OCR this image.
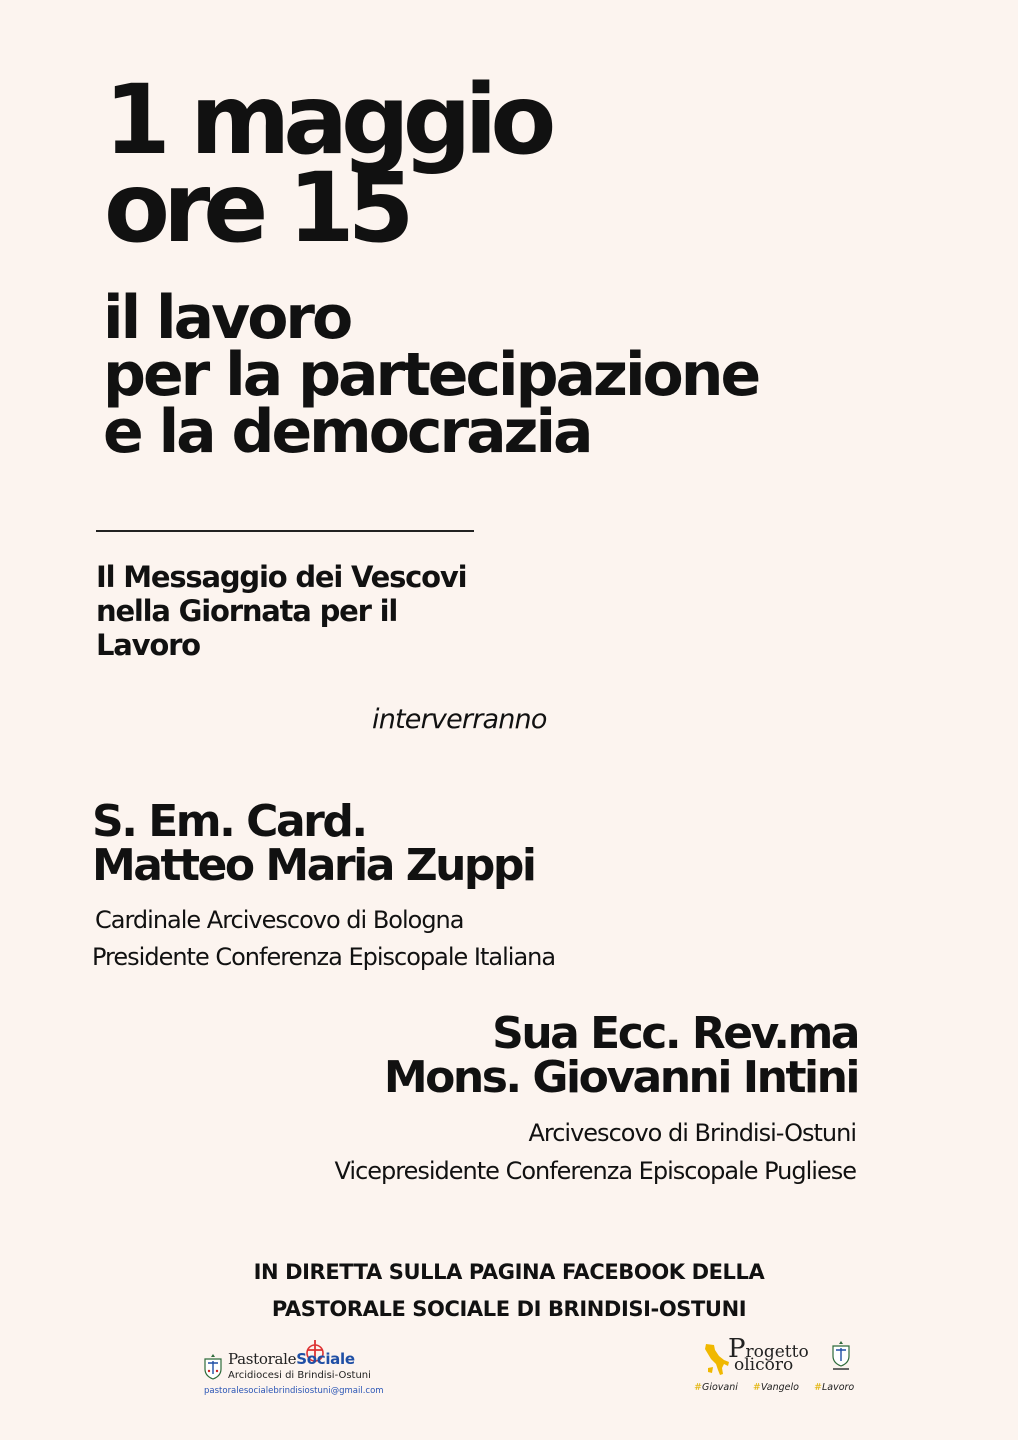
1 maggio
ore 15
il lavoro
per la partecipazione
e la democrazia
Il Messaggio dei Vescovi
nella Giornata per il
Lavoro
interverranno
S. Em. Card.
Matteo Maria Zuppi
Cardinale Arcivescovo di Bologna
Presidente Conferenza Episcopale Italiana
Sua Ecc. Rev.ma
Mons. Giovanni Intini
Arcivescovo di Brindisi-Ostuni
Vicepresidente Conferenza Episcopale Pugliese
IN DIRETTA SULLA PAGINA FACEBOOK DELLA
PASTORALE SOCIALE DI BRINDISI-OSTUNI
PastoraleSociale
Arcidiocesi di Brindisi-Ostuni
pastoralesocialebrindisiostuni@gmail.com
Progetto
olicoro
#Giovani #Vangelo #Lavoro
